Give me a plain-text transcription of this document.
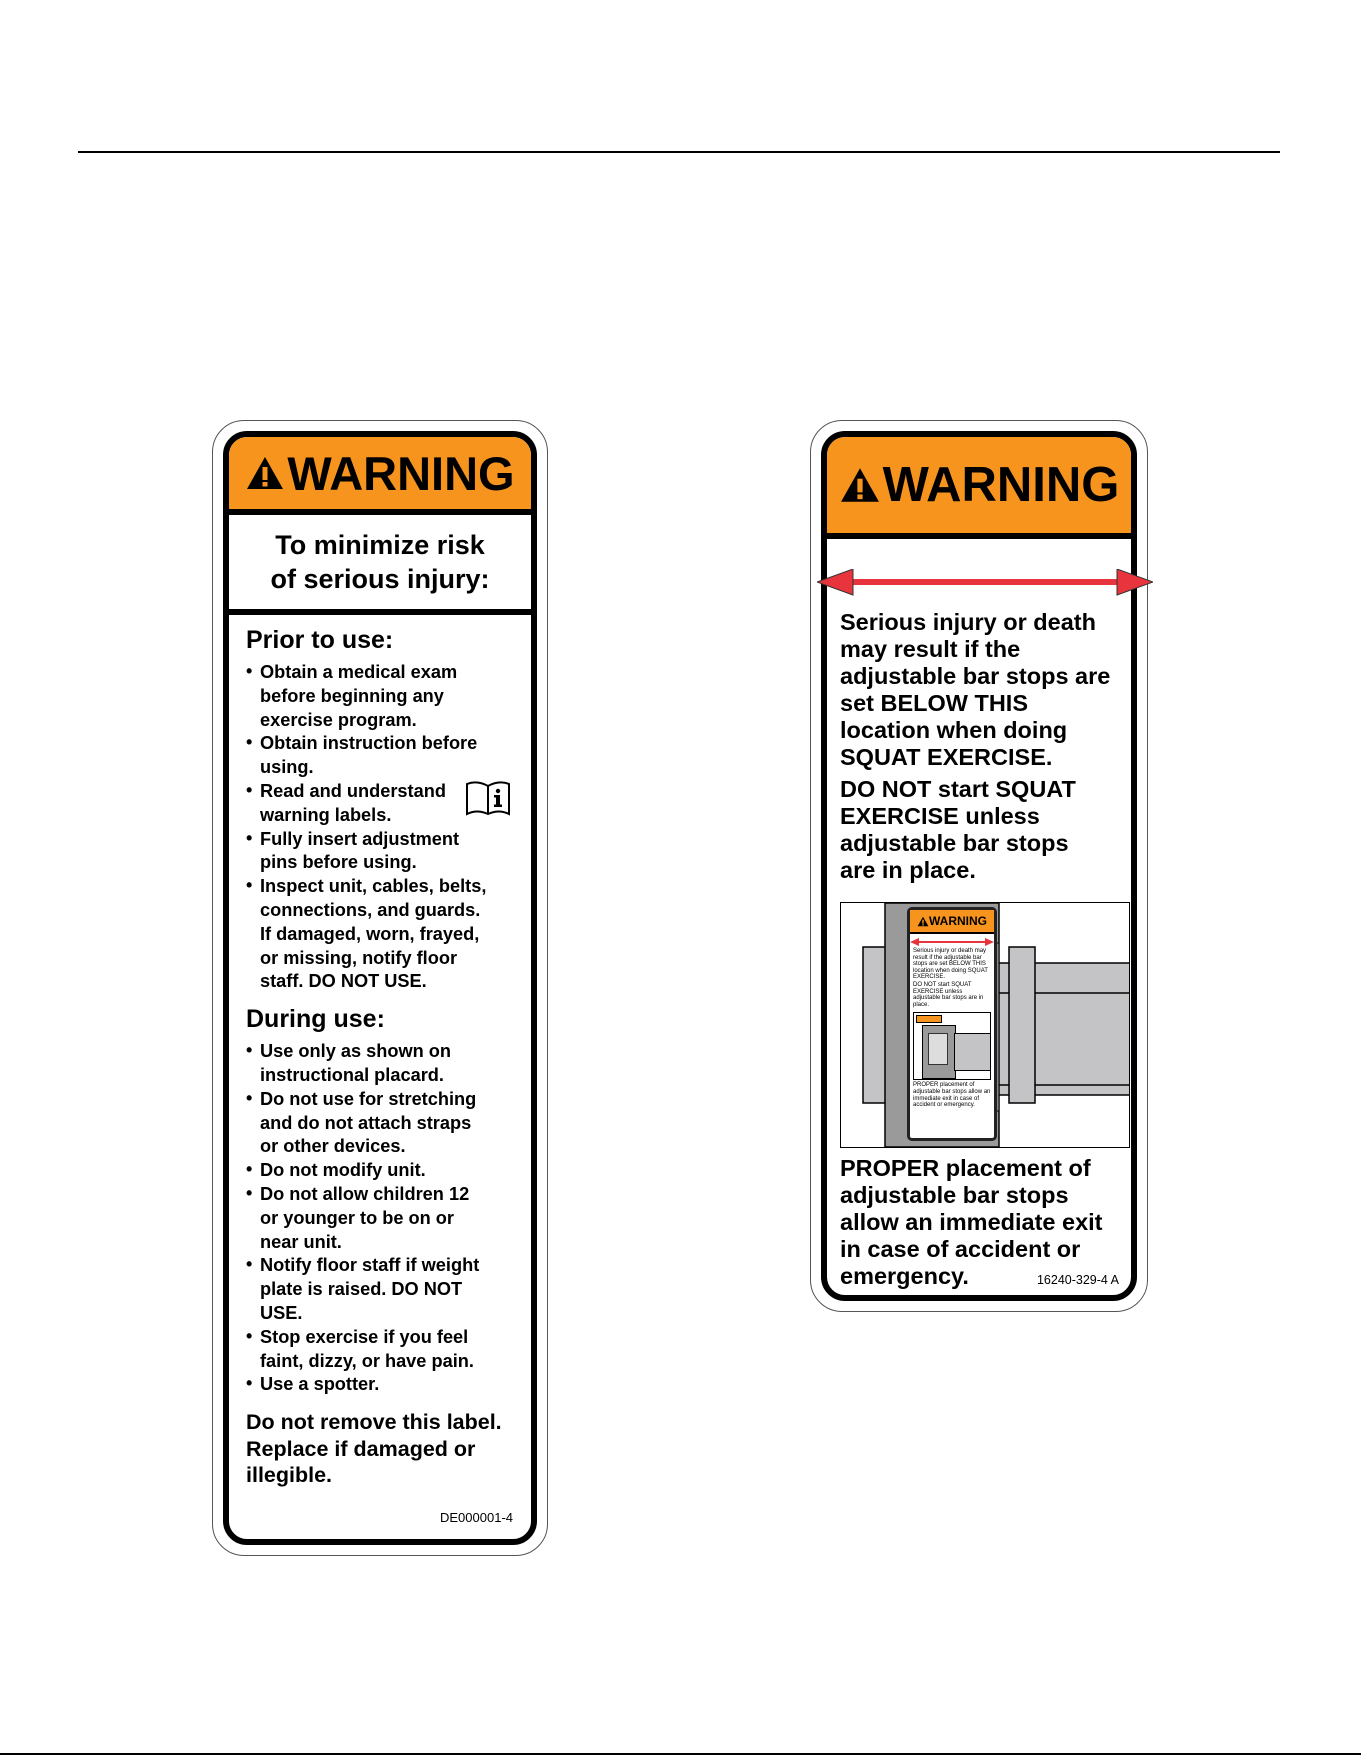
WARNING
To minimize risk
of serious injury:
Prior to use:
• Obtain a medical exam
before beginning any
exercise program.
• Obtain instruction before
using.
• Read and understand
warning labels.
• Fully insert adjustment
pins before using.
• Inspect unit, cables, belts,
connections, and guards.
If damaged, worn, frayed,
or missing, notify floor
staff. DO NOT USE.
During use:
• Use only as shown on
instructional placard.
• Do not use for stretching
and do not attach straps
or other devices.
• Do not modify unit.
• Do not allow children 12
or younger to be on or
near unit.
• Notify floor staff if weight
plate is raised. DO NOT
USE.
• Stop exercise if you feel
faint, dizzy, or have pain.
• Use a spotter.
Do not remove this label.
Replace if damaged or
illegible.
DE000001-4
WARNING
Serious injury or death
may result if the
adjustable bar stops are
set BELOW THIS
location when doing
SQUAT EXERCISE.
DO NOT start SQUAT
EXERCISE unless
adjustable bar stops
are in place.
WARNING
Serious injury or death may result if the adjustable bar stops are set BELOW THIS location when doing SQUAT EXERCISE.
DO NOT start SQUAT EXERCISE unless adjustable bar stops are in place.
PROPER placement of adjustable bar stops allow an immediate exit in case of accident or emergency.
PROPER placement of
adjustable bar stops
allow an immediate exit
in case of accident or
emergency.	16240-329-4 A
